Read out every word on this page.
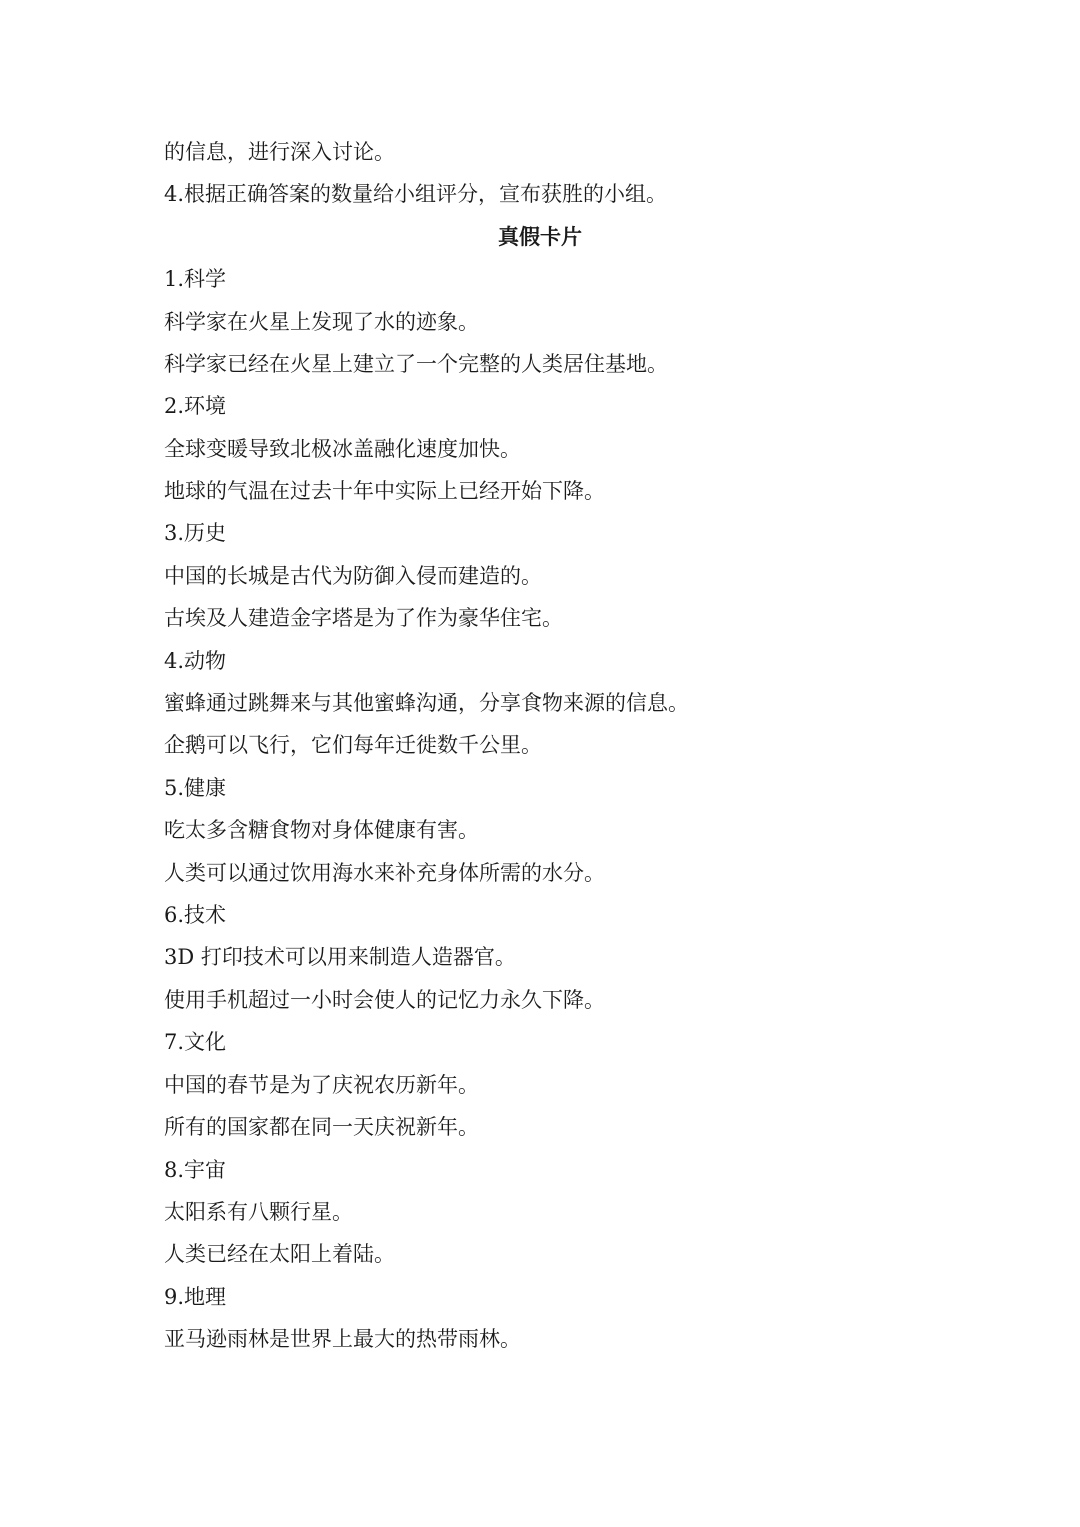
的信息，进行深入讨论。
4.根据正确答案的数量给小组评分，宣布获胜的小组。
真假卡片
1.科学
科学家在火星上发现了水的迹象。
科学家已经在火星上建立了一个完整的人类居住基地。
2.环境
全球变暖导致北极冰盖融化速度加快。
地球的气温在过去十年中实际上已经开始下降。
3.历史
中国的长城是古代为防御入侵而建造的。
古埃及人建造金字塔是为了作为豪华住宅。
4.动物
蜜蜂通过跳舞来与其他蜜蜂沟通，分享食物来源的信息。
企鹅可以飞行，它们每年迁徙数千公里。
5.健康
吃太多含糖食物对身体健康有害。
人类可以通过饮用海水来补充身体所需的水分。
6.技术
3D 打印技术可以用来制造人造器官。
使用手机超过一小时会使人的记忆力永久下降。
7.文化
中国的春节是为了庆祝农历新年。
所有的国家都在同一天庆祝新年。
8.宇宙
太阳系有八颗行星。
人类已经在太阳上着陆。
9.地理
亚马逊雨林是世界上最大的热带雨林。
